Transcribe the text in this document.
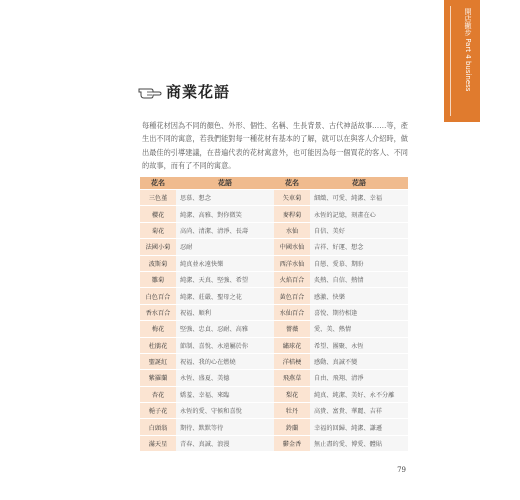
開店撇步 Part 4 business
商業花語

每種花材因為不同的顏色、外形、個性、名稱、生長背景、古代神話故事……等，產生出不同的寓意，若我們能對每一種花材有基本的了解，就可以在與客人介紹時，做出最佳的引導建議，在普遍代表的花材寓意外，也可能因為每一個買花的客人、不同的故事，而有了不同的寓意。

花名	花語	花名	花語
三色堇	思慕、想念	矢車菊	細緻、可愛、純潔、幸福
櫻花	純潔、高雅、對你微笑	麥稈菊	永恆的記憶，刻畫在心
菊花	高尚、清潔、清淨、長壽	水仙	自信、美好
法國小菊	忍耐	中國水仙	吉祥、好運、想念
波斯菊	純真並永遠快樂	西洋水仙	自戀、愛慕、期盼
雛菊	純潔、天真、堅強、希望	火焰百合	炙熱、自信、熱情
白色百合	純潔、莊嚴、聖母之花	黃色百合	感激、快樂
香水百合	祝福、順利	水仙百合	喜悅、期待相逢
梅花	堅強、忠貞、忍耐、高雅	薔薇	愛、美、熱情
杜鵑花	節制、喜悅、永遠屬於你	繡球花	希望、團聚、永恆
聖誕紅	祝福、我的心在燃燒	洋桔梗	感動、真誠不變
紫羅蘭	永恆、盛夏、美德	飛燕草	自由、飛翔、清淨
杏花	嬌羞、幸福、來臨	梨花	純真、純潔、美好、永不分離
梔子花	永恆的愛、守候和喜悅	牡丹	高貴、富貴、華麗、吉祥
白頭翁	期待、默默等待	鈴蘭	幸福的回歸、純潔、謙遜
滿天星	青春、真誠、浪漫	鬱金香	無止盡的愛、博愛、體貼
79
